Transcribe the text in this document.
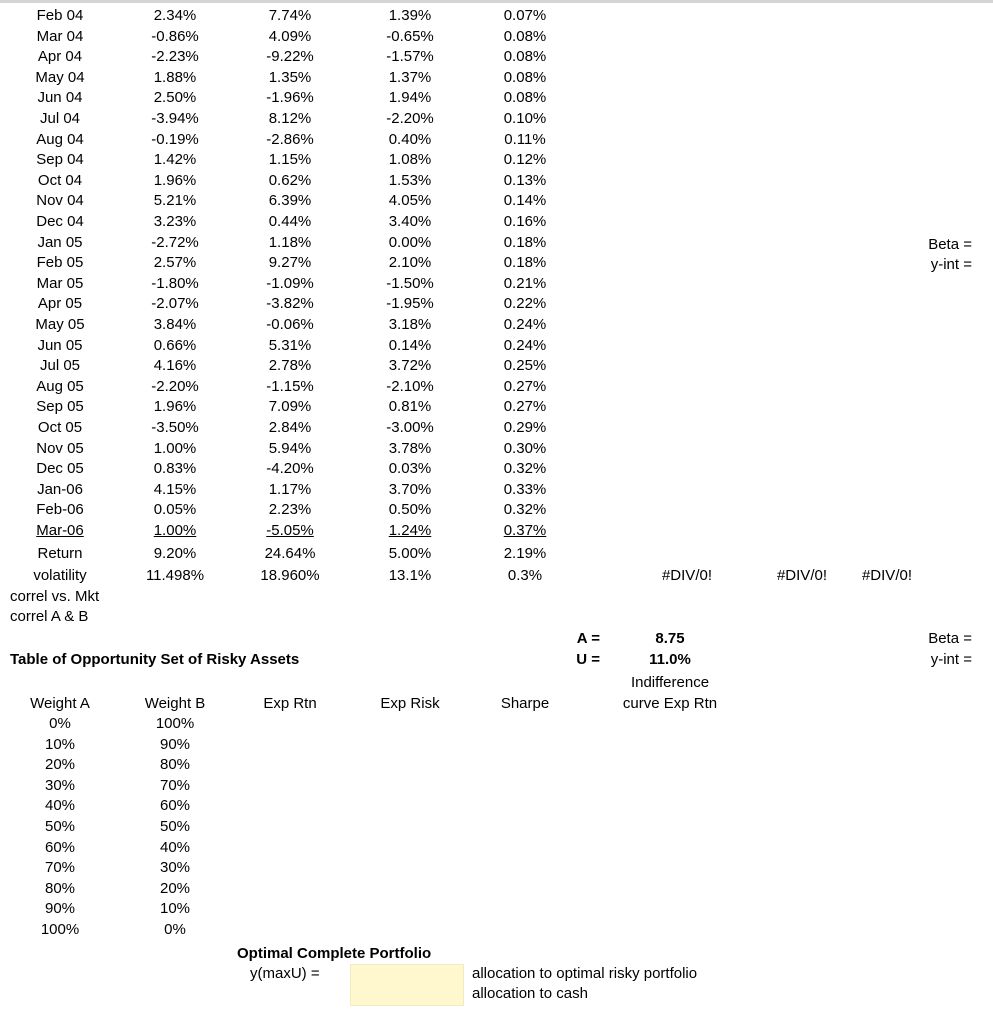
Feb 04	2.34%	7.74%	1.39%	0.07%
Mar 04	-0.86%	4.09%	-0.65%	0.08%
Apr 04	-2.23%	-9.22%	-1.57%	0.08%
May 04	1.88%	1.35%	1.37%	0.08%
Jun 04	2.50%	-1.96%	1.94%	0.08%
Jul 04	-3.94%	8.12%	-2.20%	0.10%
Aug 04	-0.19%	-2.86%	0.40%	0.11%
Sep 04	1.42%	1.15%	1.08%	0.12%
Oct 04	1.96%	0.62%	1.53%	0.13%
Nov 04	5.21%	6.39%	4.05%	0.14%
Dec 04	3.23%	0.44%	3.40%	0.16%
Jan 05	-2.72%	1.18%	0.00%	0.18%
Feb 05	2.57%	9.27%	2.10%	0.18%
Mar 05	-1.80%	-1.09%	-1.50%	0.21%
Apr 05	-2.07%	-3.82%	-1.95%	0.22%
May 05	3.84%	-0.06%	3.18%	0.24%
Jun 05	0.66%	5.31%	0.14%	0.24%
Jul 05	4.16%	2.78%	3.72%	0.25%
Aug 05	-2.20%	-1.15%	-2.10%	0.27%
Sep 05	1.96%	7.09%	0.81%	0.27%
Oct 05	-3.50%	2.84%	-3.00%	0.29%
Nov 05	1.00%	5.94%	3.78%	0.30%
Dec 05	0.83%	-4.20%	0.03%	0.32%
Jan-06	4.15%	1.17%	3.70%	0.33%
Feb-06	0.05%	2.23%	0.50%	0.32%
Mar-06	1.00%	-5.05%	1.24%	0.37%
Return	9.20%	24.64%	5.00%	2.19%
volatility	11.498%	18.960%	13.1%	0.3%	#DIV/0!	#DIV/0!	#DIV/0!
correl vs. Mkt
correl A & B
Beta =
y-int =
Beta =
y-int =
A =	8.75
U =	11.0%
Indifference
curve Exp Rtn
Table of Opportunity Set of Risky Assets
Weight A	Weight B	Exp Rtn	Exp Risk	Sharpe
0%	100%
10%	90%
20%	80%
30%	70%
40%	60%
50%	50%
60%	40%
70%	30%
80%	20%
90%	10%
100%	0%
Optimal Complete Portfolio
y(maxU) =	allocation to optimal risky portfolio
allocation to cash
